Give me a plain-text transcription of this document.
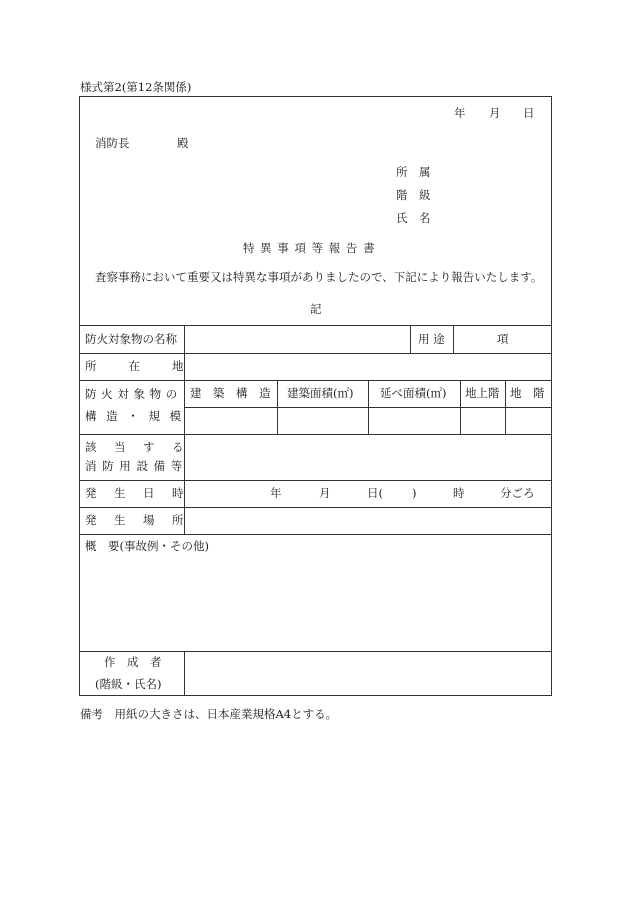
様式第2(第12条関係)
年 月 日
消防長	殿
所　属
階　級
氏　名
特 異 事 項 等 報 告 書
査察事務において重要又は特異な事項がありましたので、下記により報告いたします。
記
防火対象物の名称	用 途	項
所　　在　　地
防 火 対 象 物 の
構 造 ・ 規 模
建　築　構　造 建築面積(㎡) 延べ面積(㎡) 地上階 地　階
該　当　す　る
消 防 用 設 備 等
発　生　日　時	年	月	日(	)	時	分ごろ
発　生　場　所
概　要(事故例・その他)
作　成　者
(階級・氏名)
備考　用紙の大きさは、日本産業規格A4とする。
